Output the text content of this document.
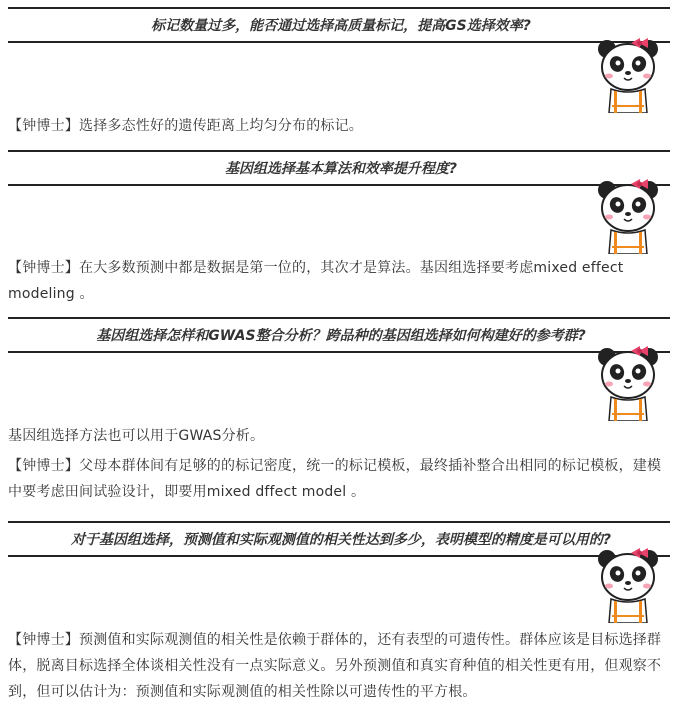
标记数量过多，能否通过选择高质量标记，提高GS选择效率?
【钟博士】选择多态性好的遗传距离上均匀分布的标记。
基因组选择基本算法和效率提升程度?
【钟博士】在大多数预测中都是数据是第一位的，其次才是算法。基因组选择要考虑mixed effect modeling 。
基因组选择怎样和GWAS整合分析？跨品种的基因组选择如何构建好的参考群?
基因组选择方法也可以用于GWAS分析。
【钟博士】父母本群体间有足够的的标记密度，统一的标记模板，最终插补整合出相同的标记模板，建模中要考虑田间试验设计，即要用mixed dffect model 。
对于基因组选择，预测值和实际观测值的相关性达到多少，表明模型的精度是可以用的?
【钟博士】预测值和实际观测值的相关性是依赖于群体的，还有表型的可遗传性。群体应该是目标选择群体，脱离目标选择全体谈相关性没有一点实际意义。另外预测值和真实育种值的相关性更有用，但观察不到，但可以估计为：预测值和实际观测值的相关性除以可遗传性的平方根。
